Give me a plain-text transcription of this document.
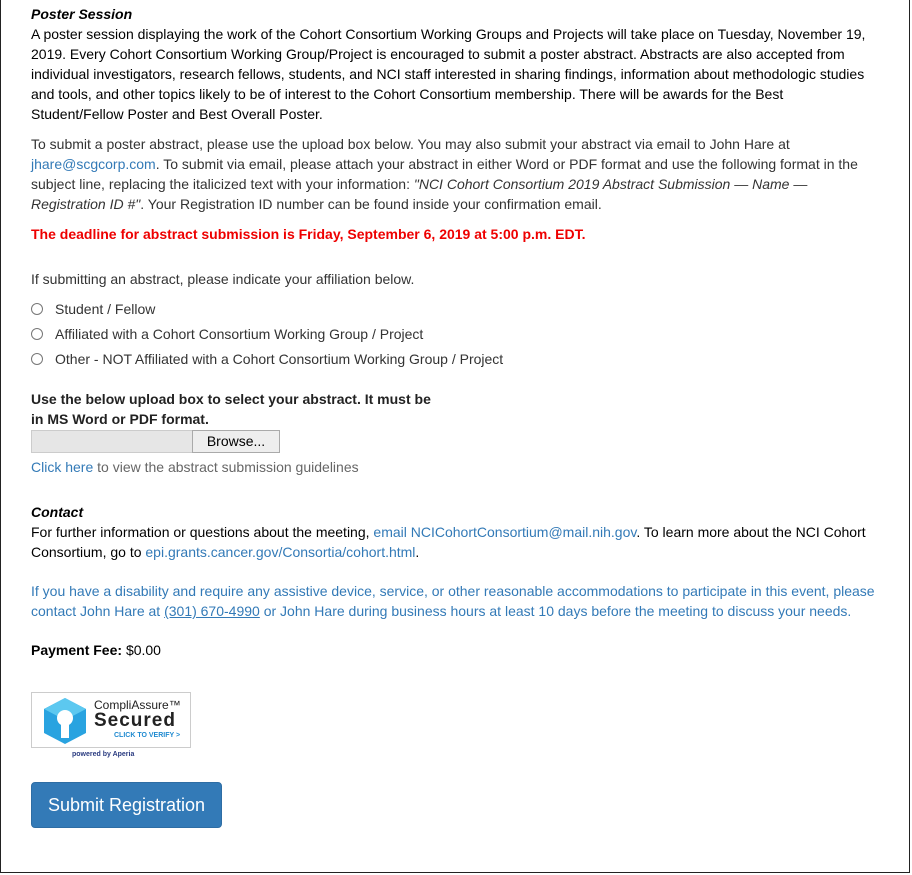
Poster Session

A poster session displaying the work of the Cohort Consortium Working Groups and Projects will take place on Tuesday, November 19, 2019. Every Cohort Consortium Working Group/Project is encouraged to submit a poster abstract. Abstracts are also accepted from individual investigators, research fellows, students, and NCI staff interested in sharing findings, information about methodologic studies and tools, and other topics likely to be of interest to the Cohort Consortium membership. There will be awards for the Best Student/Fellow Poster and Best Overall Poster.

To submit a poster abstract, please use the upload box below. You may also submit your abstract via email to John Hare at jhare@scgcorp.com. To submit via email, please attach your abstract in either Word or PDF format and use the following format in the subject line, replacing the italicized text with your information: "NCI Cohort Consortium 2019 Abstract Submission — Name — Registration ID #". Your Registration ID number can be found inside your confirmation email.

The deadline for abstract submission is Friday, September 6, 2019 at 5:00 p.m. EDT.

If submitting an abstract, please indicate your affiliation below.

Student / Fellow
Affiliated with a Cohort Consortium Working Group / Project
Other - NOT Affiliated with a Cohort Consortium Working Group / Project

Use the below upload box to select your abstract. It must be in MS Word or PDF format.

Browse...

Click here to view the abstract submission guidelines

Contact

For further information or questions about the meeting, email NCICohortConsortium@mail.nih.gov. To learn more about the NCI Cohort Consortium, go to epi.grants.cancer.gov/Consortia/cohort.html.

If you have a disability and require any assistive device, service, or other reasonable accommodations to participate in this event, please contact John Hare at (301) 670-4990 or John Hare during business hours at least 10 days before the meeting to discuss your needs.

Payment Fee: $0.00

CompliAssure™
Secured
CLICK TO VERIFY >
powered by Aperia
Submit Registration
